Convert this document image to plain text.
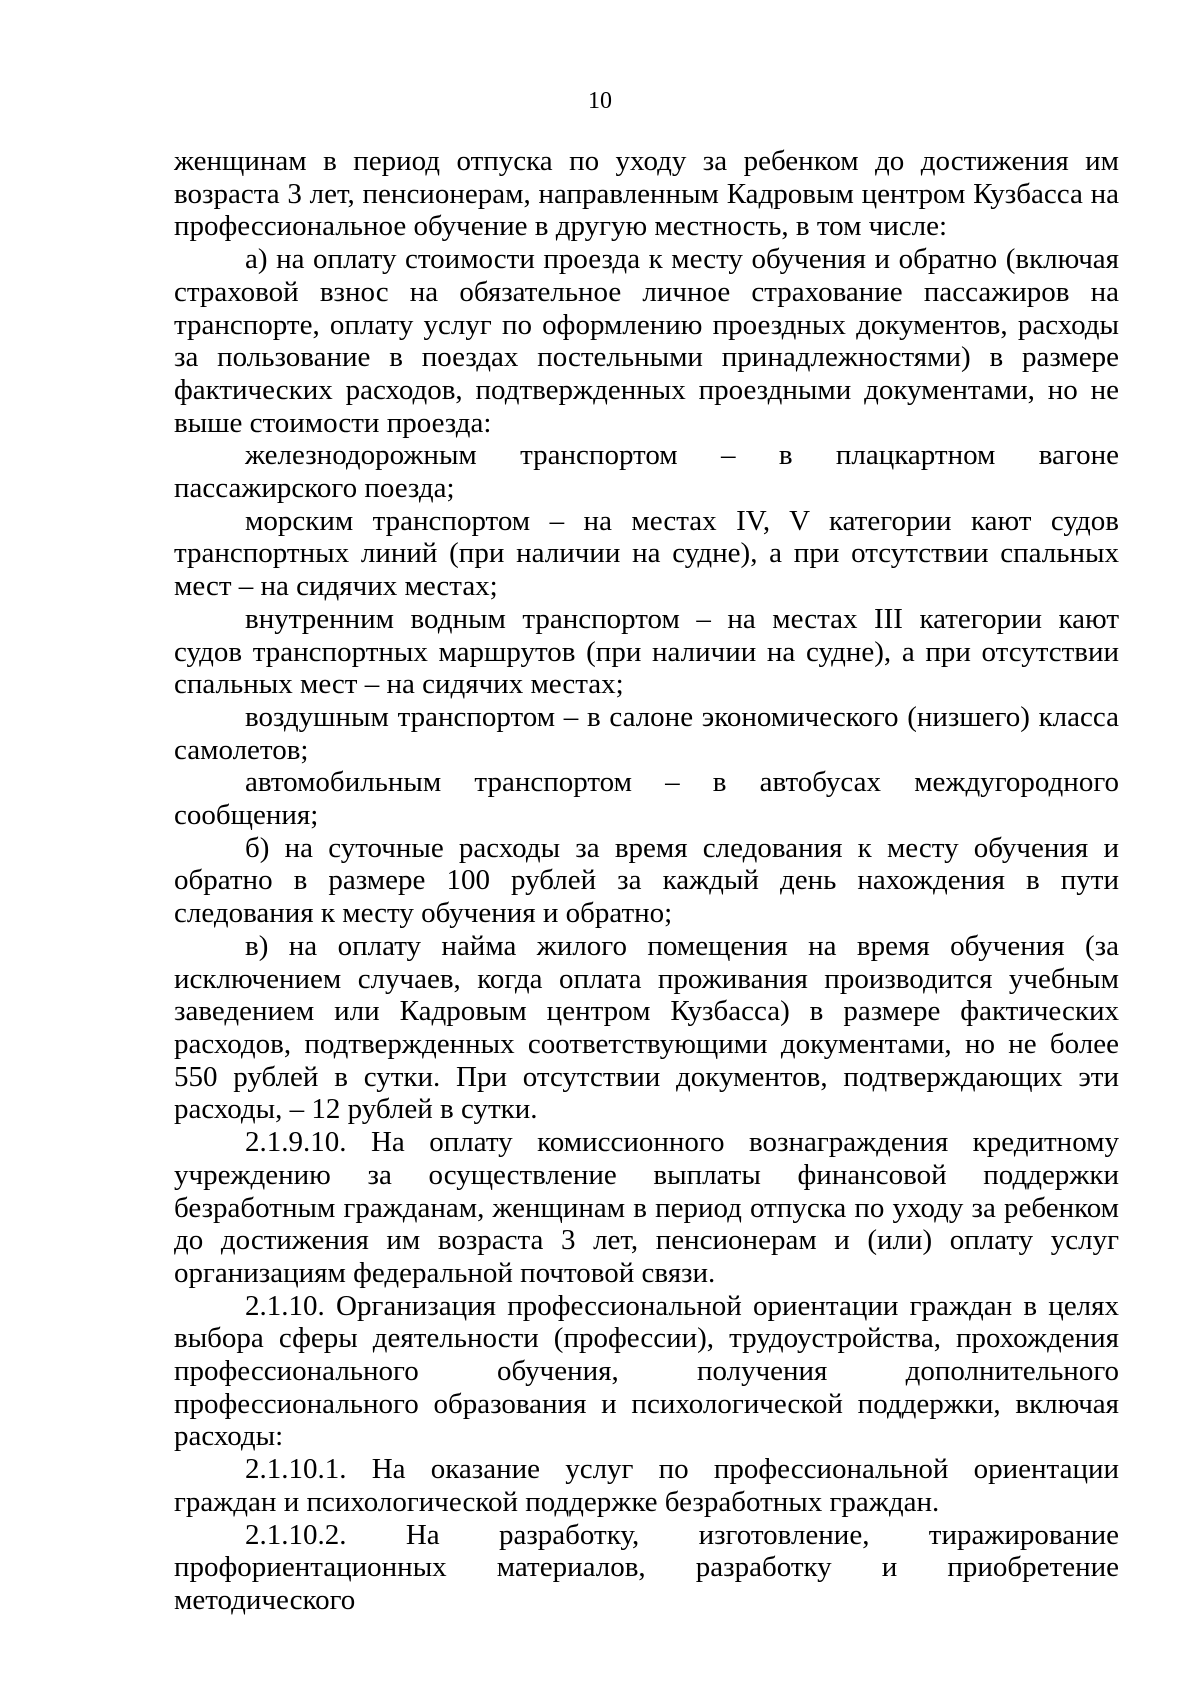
10

женщинам в период отпуска по уходу за ребенком до достижения им возраста 3 лет, пенсионерам, направленным Кадровым центром Кузбасса на профессиональное обучение в другую местность, в том числе:

а) на оплату стоимости проезда к месту обучения и обратно (включая страховой взнос на обязательное личное страхование пассажиров на транспорте, оплату услуг по оформлению проездных документов, расходы за пользование в поездах постельными принадлежностями) в размере фактических расходов, подтвержденных проездными документами, но не выше стоимости проезда:

железнодорожным транспортом – в плацкартном вагоне пассажирского поезда;

морским транспортом – на местах IV, V категории кают судов транспортных линий (при наличии на судне), а при отсутствии спальных мест – на сидячих местах;

внутренним водным транспортом – на местах III категории кают судов транспортных маршрутов (при наличии на судне), а при отсутствии спальных мест – на сидячих местах;

воздушным транспортом – в салоне экономического (низшего) класса самолетов;

автомобильным транспортом – в автобусах междугородного сообщения;

б) на суточные расходы за время следования к месту обучения и обратно в размере 100 рублей за каждый день нахождения в пути следования к месту обучения и обратно;

в) на оплату найма жилого помещения на время обучения (за исключением случаев, когда оплата проживания производится учебным заведением или Кадровым центром Кузбасса) в размере фактических расходов, подтвержденных соответствующими документами, но не более 550 рублей в сутки. При отсутствии документов, подтверждающих эти расходы, – 12 рублей в сутки.

2.1.9.10. На оплату комиссионного вознаграждения кредитному учреждению за осуществление выплаты финансовой поддержки безработным гражданам, женщинам в период отпуска по уходу за ребенком до достижения им возраста 3 лет, пенсионерам и (или) оплату услуг организациям федеральной почтовой связи.

2.1.10. Организация профессиональной ориентации граждан в целях выбора сферы деятельности (профессии), трудоустройства, прохождения профессионального обучения, получения дополнительного профессионального образования и психологической поддержки, включая расходы:

2.1.10.1. На оказание услуг по профессиональной ориентации граждан и психологической поддержке безработных граждан.

2.1.10.2. На разработку, изготовление, тиражирование профориентационных материалов, разработку и приобретение методического
